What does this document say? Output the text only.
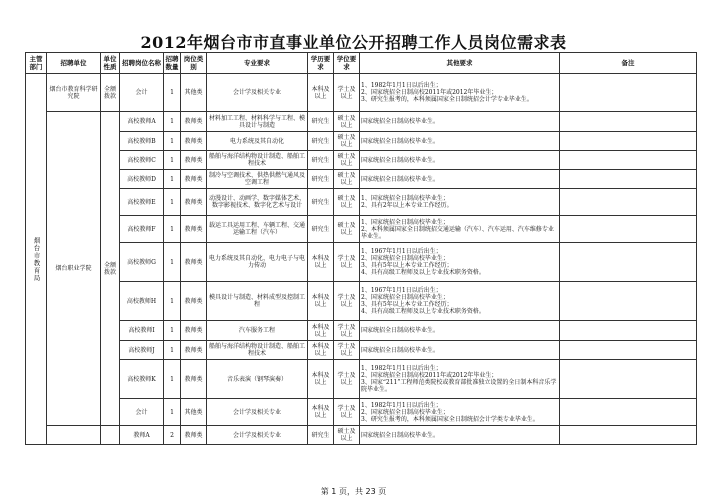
2012年烟台市市直事业单位公开招聘工作人员岗位需求表
主管部门	招聘单位	单位性质	招聘岗位名称	招聘数量	岗位类别	专业要求	学历要求	学位要求	其他要求	备注

烟台市教育局	烟台市教育科学研究院	全额拨款	会计	1	其他类	会计学及相关专业	本科及以上	学士及以上	1、1982年1月1日以后出生；
2、国家统招全日制高校2011年或2012年毕业生；
3、研究生报考的，本科须属国家全日制统招会计学专业毕业生。	

	烟台职业学院	全额拨款	高校教师A	1	教师类	材料加工工程、材料科学与工程、模具设计与制造	研究生	硕士及以上	国家统招全日制高校毕业生。	

			高校教师B	1	教师类	电力系统及其自动化	研究生	硕士及以上	国家统招全日制高校毕业生。	

			高校教师C	1	教师类	船舶与海洋结构物设计制造、船舶工程技术	研究生	硕士及以上	国家统招全日制高校毕业生。	

			高校教师D	1	教师类	制冷与空调技术、供热供燃气通风及空调工程	研究生	硕士及以上	国家统招全日制高校毕业生。	

			高校教师E	1	教师类	动漫设计、动画学、数字媒体艺术、数字影视技术、数字化艺术与设计	研究生	硕士及以上	1、国家统招全日制高校毕业生；
2、具有2年以上本专业工作经历。	

			高校教师F	1	教师类	载运工具运用工程、车辆工程、交通运输工程（汽车）	研究生	硕士及以上	1、国家统招全日制高校毕业生；
2、本科须属国家全日制统招交通运输（汽车）、汽车运用、汽车维修专业毕业生。	

			高校教师G	1	教师类	电力系统及其自动化、电力电子与电力传动	本科及以上	学士及以上	1、1967年1月1日以后出生；
2、国家统招全日制高校毕业生；
3、具有5年以上本专业工作经历；
4、具有高级工程师及以上专业技术职务资格。	

			高校教师H	1	教师类	模具设计与制造、材料成型及控制工程	本科及以上	学士及以上	1、1967年1月1日以后出生；
2、国家统招全日制高校毕业生；
3、具有5年以上本专业工作经历；
4、具有高级工程师及以上专业技术职务资格。	

			高校教师I	1	教师类	汽车服务工程	本科及以上	学士及以上	国家统招全日制高校毕业生。	

			高校教师J	1	教师类	船舶与海洋结构物设计制造、船舶工程技术	本科及以上	学士及以上	国家统招全日制高校毕业生。	

			高校教师K	1	教师类	音乐表演（钢琴演奏）	本科及以上	学士及以上	1、1982年1月1日以后出生；
2、国家统招全日制高校2011年或2012年毕业生；
3、国家“211”工程师范类院校或教育部批准独立设置的全日制本科音乐学院毕业生。	

			会计	1	其他类	会计学及相关专业	本科及以上	学士及以上	1、1982年1月1日以后出生；
2、国家统招全日制高校毕业生；
3、研究生报考的，本科须属国家全日制统招会计学类专业毕业生。	

			教师A	2	教师类	会计学及相关专业	研究生	硕士及以上	国家统招全日制高校毕业生。	

第 1 页，共 23 页
